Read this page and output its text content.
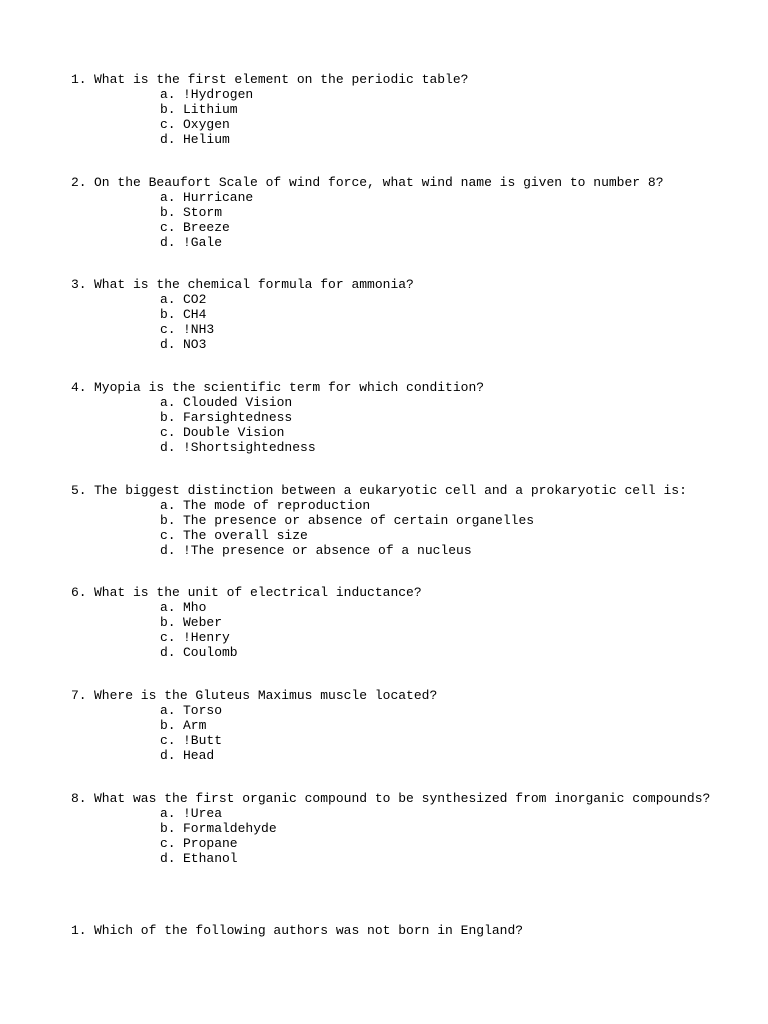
1. What is the first element on the periodic table?
a. !Hydrogen
b. Lithium
c. Oxygen
d. Helium
2. On the Beaufort Scale of wind force, what wind name is given to number 8?
a. Hurricane
b. Storm
c. Breeze
d. !Gale
3. What is the chemical formula for ammonia?
a. CO2
b. CH4
c. !NH3
d. NO3
4. Myopia is the scientific term for which condition?
a. Clouded Vision
b. Farsightedness
c. Double Vision
d. !Shortsightedness
5. The biggest distinction between a eukaryotic cell and a prokaryotic cell is:
a. The mode of reproduction
b. The presence or absence of certain organelles
c. The overall size
d. !The presence or absence of a nucleus
6. What is the unit of electrical inductance?
a. Mho
b. Weber
c. !Henry
d. Coulomb
7. Where is the Gluteus Maximus muscle located?
a. Torso
b. Arm
c. !Butt
d. Head
8. What was the first organic compound to be synthesized from inorganic compounds?
a. !Urea
b. Formaldehyde
c. Propane
d. Ethanol
1. Which of the following authors was not born in England?
